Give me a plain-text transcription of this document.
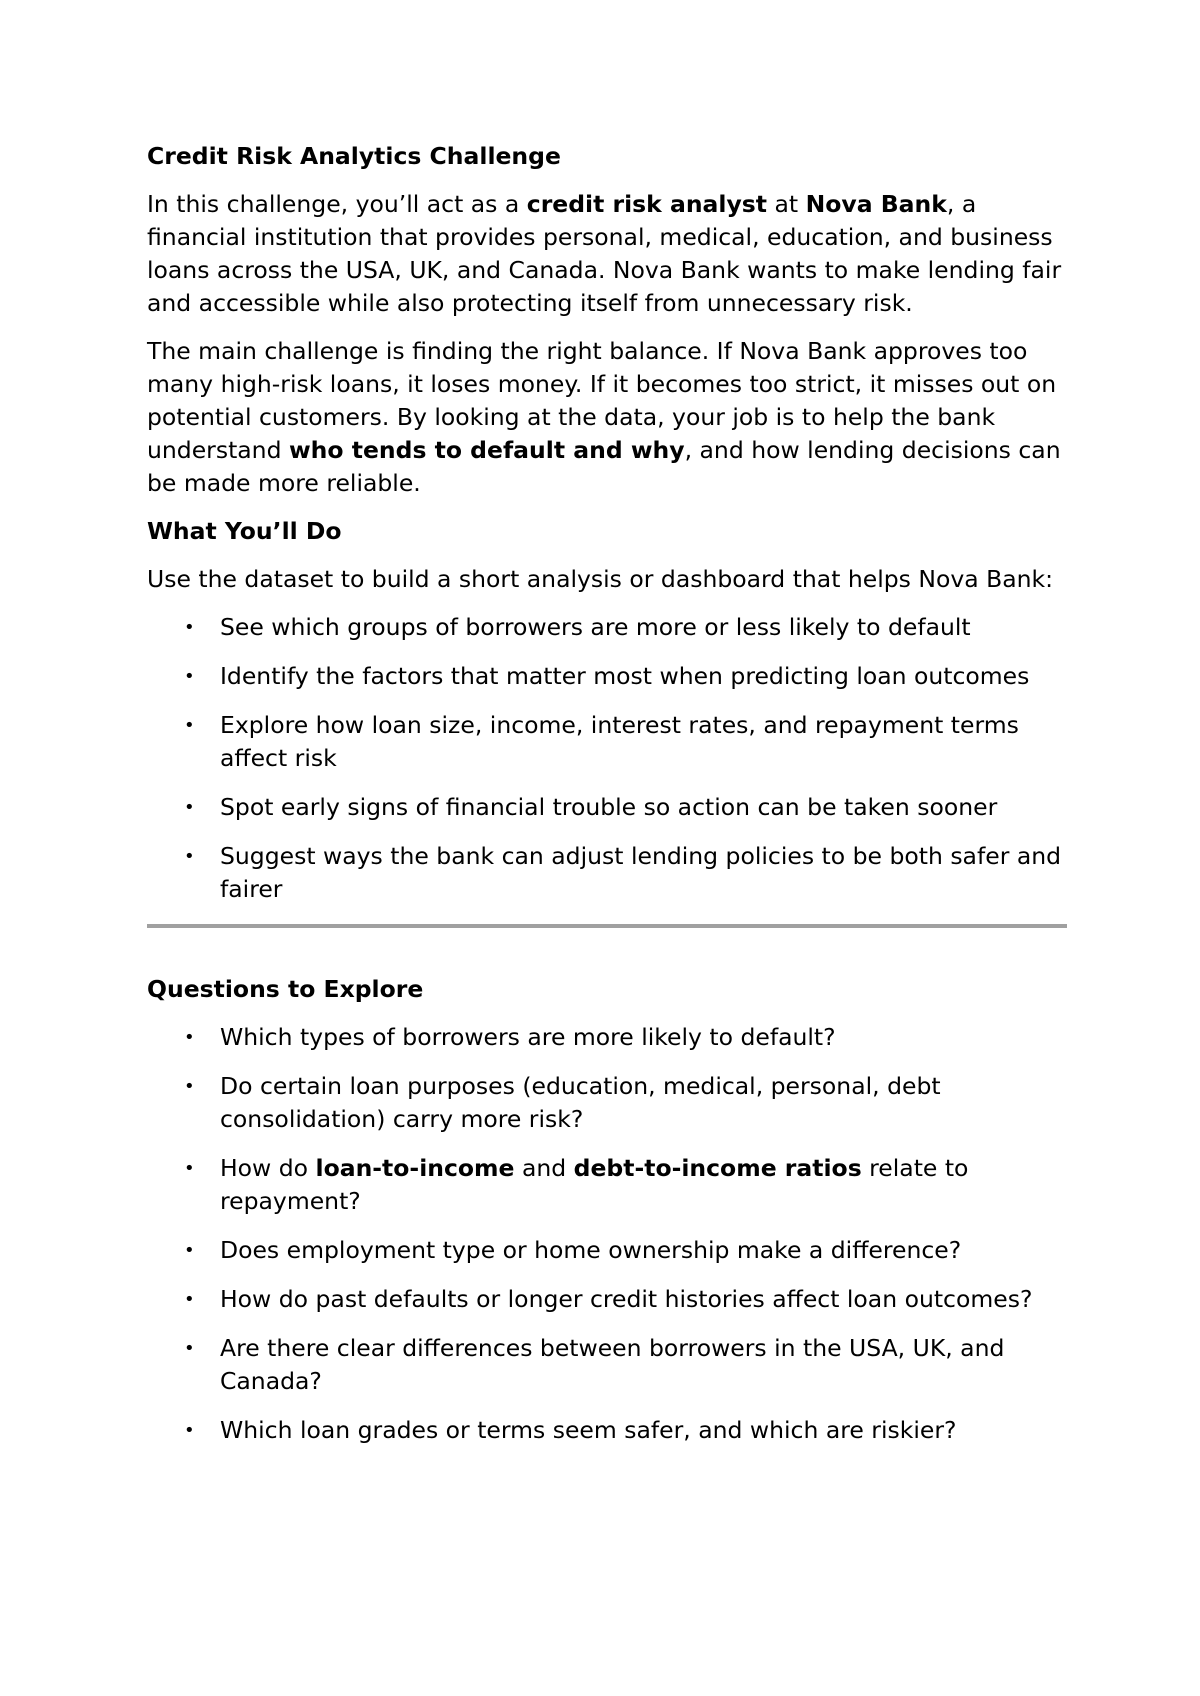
Credit Risk Analytics Challenge

In this challenge, you’ll act as a credit risk analyst at Nova Bank, a financial institution that provides personal, medical, education, and business loans across the USA, UK, and Canada. Nova Bank wants to make lending fair and accessible while also protecting itself from unnecessary risk.

The main challenge is finding the right balance. If Nova Bank approves too many high-risk loans, it loses money. If it becomes too strict, it misses out on potential customers. By looking at the data, your job is to help the bank understand who tends to default and why, and how lending decisions can be made more reliable.

What You’ll Do

Use the dataset to build a short analysis or dashboard that helps Nova Bank:

• See which groups of borrowers are more or less likely to default
• Identify the factors that matter most when predicting loan outcomes
• Explore how loan size, income, interest rates, and repayment terms affect risk
• Spot early signs of financial trouble so action can be taken sooner
• Suggest ways the bank can adjust lending policies to be both safer and fairer
Questions to Explore
• Which types of borrowers are more likely to default?
• Do certain loan purposes (education, medical, personal, debt consolidation) carry more risk?
• How do loan-to-income and debt-to-income ratios relate to repayment?
• Does employment type or home ownership make a difference?
• How do past defaults or longer credit histories affect loan outcomes?
• Are there clear differences between borrowers in the USA, UK, and Canada?
• Which loan grades or terms seem safer, and which are riskier?
